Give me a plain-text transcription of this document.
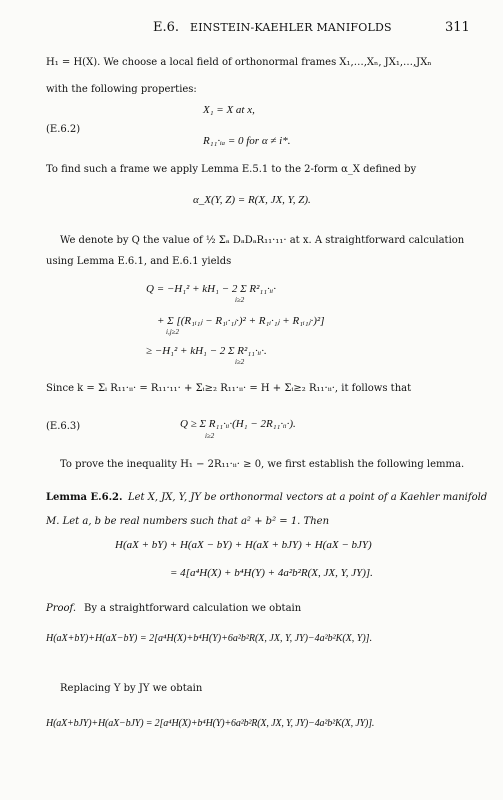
E.6. EINSTEIN-KAEHLER MANIFOLDS	311
H₁ = H(X). We choose a local field of orthonormal frames X₁,…,Xₙ, JX₁,…,JXₙ
with the following properties:
(E.6.2)
X₁ = X at x,
R₁₁·ᵢₐ = 0 for α ≠ i*.
To find such a frame we apply Lemma E.5.1 to the 2-form α_X defined by
α_X(Y, Z) = R(X, JX, Y, Z).
We denote by Q the value of ½ Σₐ DₐDₐR₁₁·₁₁· at x. A straightforward calculation
using Lemma E.6.1, and E.6.1 yields
Q = −H₁² + kH₁ − 2 Σ R²₁₁·ᵢᵢ·
i≥2
+ Σ [(R₁ᵢ₁ⱼ − R₁ᵢ·₁ⱼ·)² + R₁ᵢ·₁ⱼ + R₁ᵢ₁ⱼ·)²]
i,j≥2
≥ −H₁² + kH₁ − 2 Σ R²₁₁·ᵢᵢ·.
i≥2
Since k = Σᵢ R₁₁·ᵢᵢ· = R₁₁·₁₁· + Σᵢ≥₂ R₁₁·ᵢᵢ· = H + Σᵢ≥₂ R₁₁·ᵢᵢ·, it follows that
(E.6.3)	Q ≥ Σ R₁₁·ᵢᵢ·(H₁ − 2R₁₁·ᵢᵢ·).
i≥2
To prove the inequality H₁ − 2R₁₁·ᵢᵢ· ≥ 0, we first establish the following lemma.
Lemma E.6.2. Let X, JX, Y, JY be orthonormal vectors at a point of a Kaehler manifold
M. Let a, b be real numbers such that a² + b² = 1. Then
H(aX + bY) + H(aX − bY) + H(aX + bJY) + H(aX − bJY)
= 4[a⁴H(X) + b⁴H(Y) + 4a²b²R(X, JX, Y, JY)].
Proof. By a straightforward calculation we obtain
H(aX+bY)+H(aX−bY) = 2[a⁴H(X)+b⁴H(Y)+6a²b²R(X, JX, Y, JY)−4a²b²K(X, Y)].
Replacing Y by JY we obtain
H(aX+bJY)+H(aX−bJY) = 2[a⁴H(X)+b⁴H(Y)+6a²b²R(X, JX, Y, JY)−4a²b²K(X, JY)].
